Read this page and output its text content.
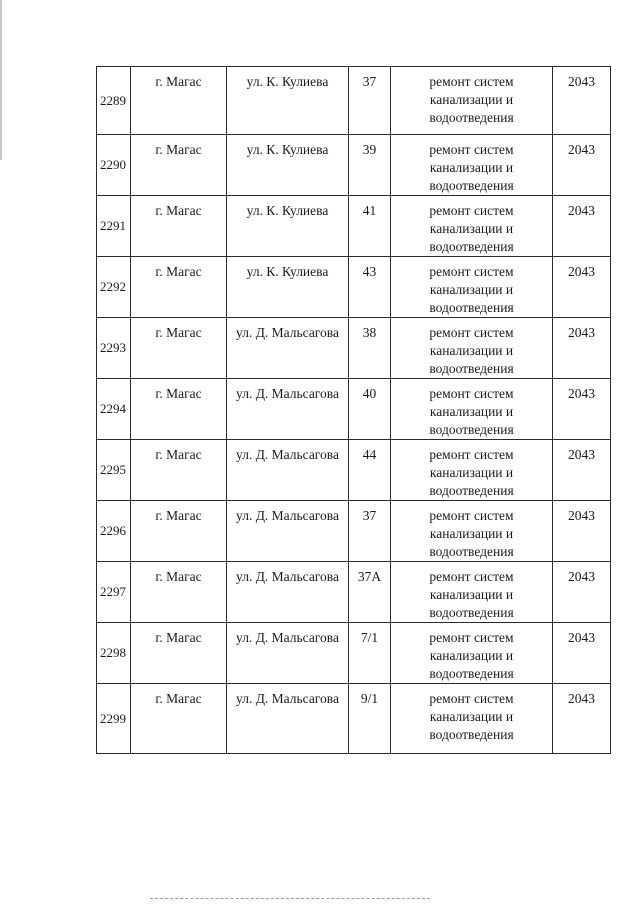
2289	г. Магас	ул. К. Кулиева	37	ремонт систем канализации и водоотведения	2043
2290	г. Магас	ул. К. Кулиева	39	ремонт систем канализации и водоотведения	2043
2291	г. Магас	ул. К. Кулиева	41	ремонт систем канализации и водоотведения	2043
2292	г. Магас	ул. К. Кулиева	43	ремонт систем канализации и водоотведения	2043
2293	г. Магас	ул. Д. Мальсагова	38	ремонт систем канализации и водоотведения	2043
2294	г. Магас	ул. Д. Мальсагова	40	ремонт систем канализации и водоотведения	2043
2295	г. Магас	ул. Д. Мальсагова	44	ремонт систем канализации и водоотведения	2043
2296	г. Магас	ул. Д. Мальсагова	37	ремонт систем канализации и водоотведения	2043
2297	г. Магас	ул. Д. Мальсагова	37А	ремонт систем канализации и водоотведения	2043
2298	г. Магас	ул. Д. Мальсагова	7/1	ремонт систем канализации и водоотведения	2043
2299	г. Магас	ул. Д. Мальсагова	9/1	ремонт систем канализации и водоотведения	2043
